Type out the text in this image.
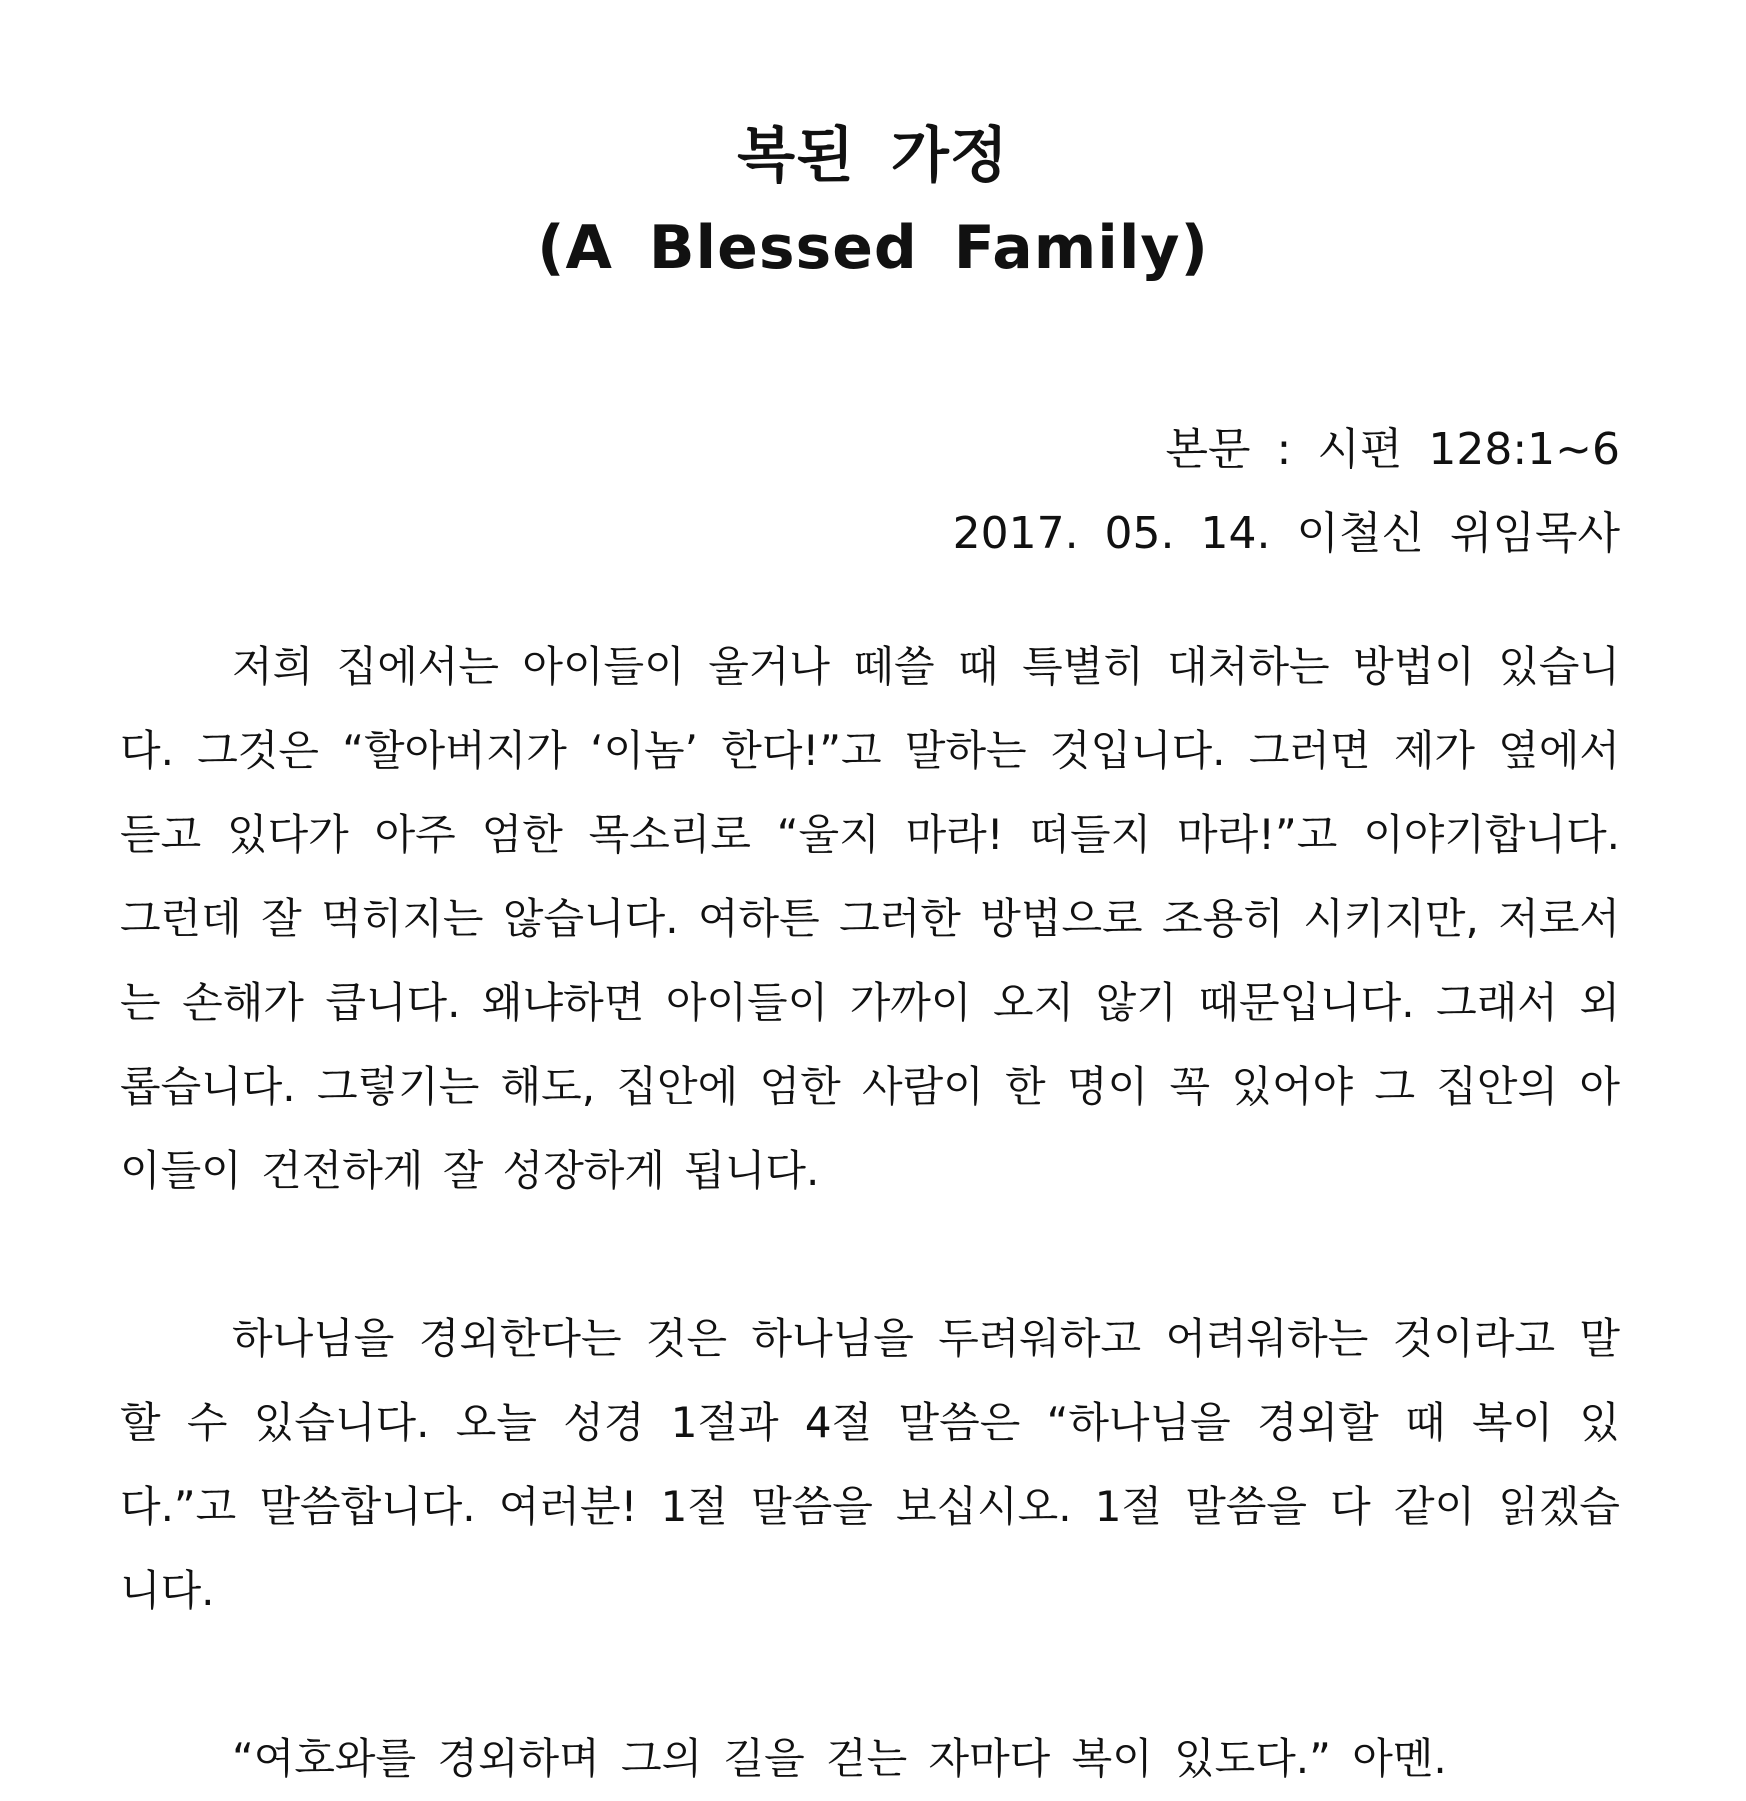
복된 가정
(A Blessed Family)
본문 : 시편 128:1~6
2017. 05. 14. 이철신 위임목사

저희 집에서는 아이들이 울거나 떼쓸 때 특별히 대처하는 방법이 있습니다. 그것은 “할아버지가 ‘이놈’ 한다!”고 말하는 것입니다. 그러면 제가 옆에서 듣고 있다가 아주 엄한 목소리로 “울지 마라! 떠들지 마라!”고 이야기합니다. 그런데 잘 먹히지는 않습니다. 여하튼 그러한 방법으로 조용히 시키지만, 저로서는 손해가 큽니다. 왜냐하면 아이들이 가까이 오지 않기 때문입니다. 그래서 외롭습니다. 그렇기는 해도, 집안에 엄한 사람이 한 명이 꼭 있어야 그 집안의 아이들이 건전하게 잘 성장하게 됩니다.

하나님을 경외한다는 것은 하나님을 두려워하고 어려워하는 것이라고 말할 수 있습니다. 오늘 성경 1절과 4절 말씀은 “하나님을 경외할 때 복이 있다.”고 말씀합니다. 여러분! 1절 말씀을 보십시오. 1절 말씀을 다 같이 읽겠습니다.

“여호와를 경외하며 그의 길을 걷는 자마다 복이 있도다.” 아멘.
